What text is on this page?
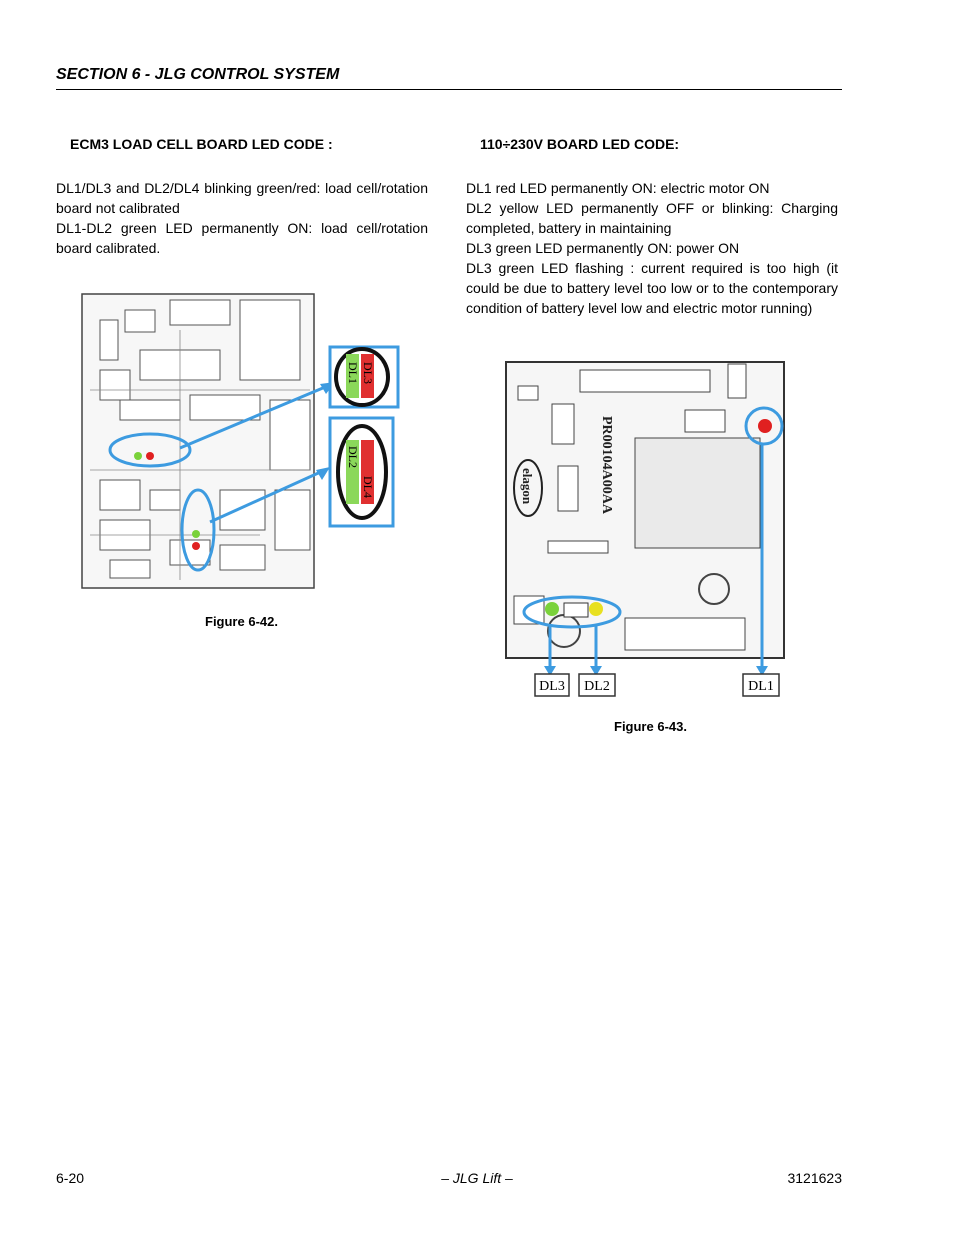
SECTION 6 - JLG CONTROL SYSTEM
ECM3 LOAD CELL BOARD LED CODE :

DL1/DL3 and DL2/DL4 blinking green/red: load cell/rotation board not calibrated

DL1-DL2 green LED permanently ON: load cell/rotation board calibrated.

DL1 DL3
DL2
DL4
Figure 6-42.
110÷230V BOARD LED CODE:

DL1 red LED permanently ON: electric motor ON

DL2 yellow LED permanently OFF or blinking: Charging completed, battery in maintaining

DL3 green LED permanently ON: power ON

DL3 green LED flashing : current required is too high (it could be due to battery level too low or to the contemporary condition of battery level low and electric motor running)

PR00104A00AA
elagon
DL3 DL2	DL1
Figure 6-43.
6-20	– JLG Lift –	3121623
